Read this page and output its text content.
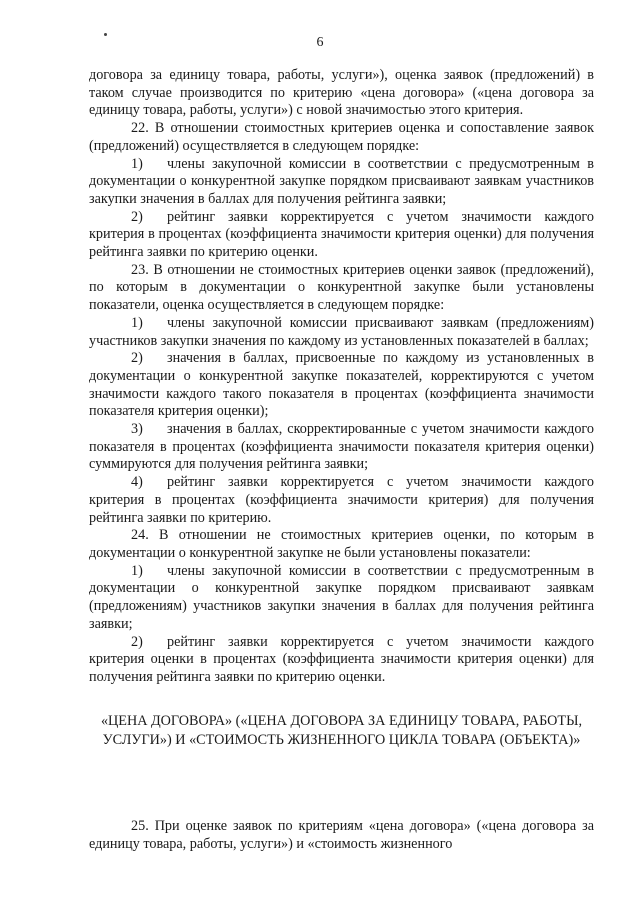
6

договора за единицу товара, работы, услуги»), оценка заявок (предложений) в таком случае производится по критерию «цена договора» («цена договора за единицу товара, работы, услуги») с новой значимостью этого критерия.

22. В отношении стоимостных критериев оценка и сопоставление заявок (предложений) осуществляется в следующем порядке:

1) члены закупочной комиссии в соответствии с предусмотренным в документации о конкурентной закупке порядком присваивают заявкам участников закупки значения в баллах для получения рейтинга заявки;

2) рейтинг заявки корректируется с учетом значимости каждого критерия в процентах (коэффициента значимости критерия оценки) для получения рейтинга заявки по критерию оценки.

23. В отношении не стоимостных критериев оценки заявок (предложений), по которым в документации о конкурентной закупке были установлены показатели, оценка осуществляется в следующем порядке:

1) члены закупочной комиссии присваивают заявкам (предложениям) участников закупки значения по каждому из установленных показателей в баллах;

2) значения в баллах, присвоенные по каждому из установленных в документации о конкурентной закупке показателей, корректируются с учетом значимости каждого такого показателя в процентах (коэффициента значимости показателя критерия оценки);

3) значения в баллах, скорректированные с учетом значимости каждого показателя в процентах (коэффициента значимости показателя критерия оценки) суммируются для получения рейтинга заявки;

4) рейтинг заявки корректируется с учетом значимости каждого критерия в процентах (коэффициента значимости критерия) для получения рейтинга заявки по критерию.

24. В отношении не стоимостных критериев оценки, по которым в документации о конкурентной закупке не были установлены показатели:

1) члены закупочной комиссии в соответствии с предусмотренным в документации о конкурентной закупке порядком присваивают заявкам (предложениям) участников закупки значения в баллах для получения рейтинга заявки;

2) рейтинг заявки корректируется с учетом значимости каждого критерия оценки в процентах (коэффициента значимости критерия оценки) для получения рейтинга заявки по критерию оценки.

«ЦЕНА ДОГОВОРА» («ЦЕНА ДОГОВОРА ЗА ЕДИНИЦУ ТОВАРА, РАБОТЫ, УСЛУГИ») И «СТОИМОСТЬ ЖИЗНЕННОГО ЦИКЛА ТОВАРА (ОБЪЕКТА)»

25. При оценке заявок по критериям «цена договора» («цена договора за единицу товара, работы, услуги») и «стоимость жизненного
